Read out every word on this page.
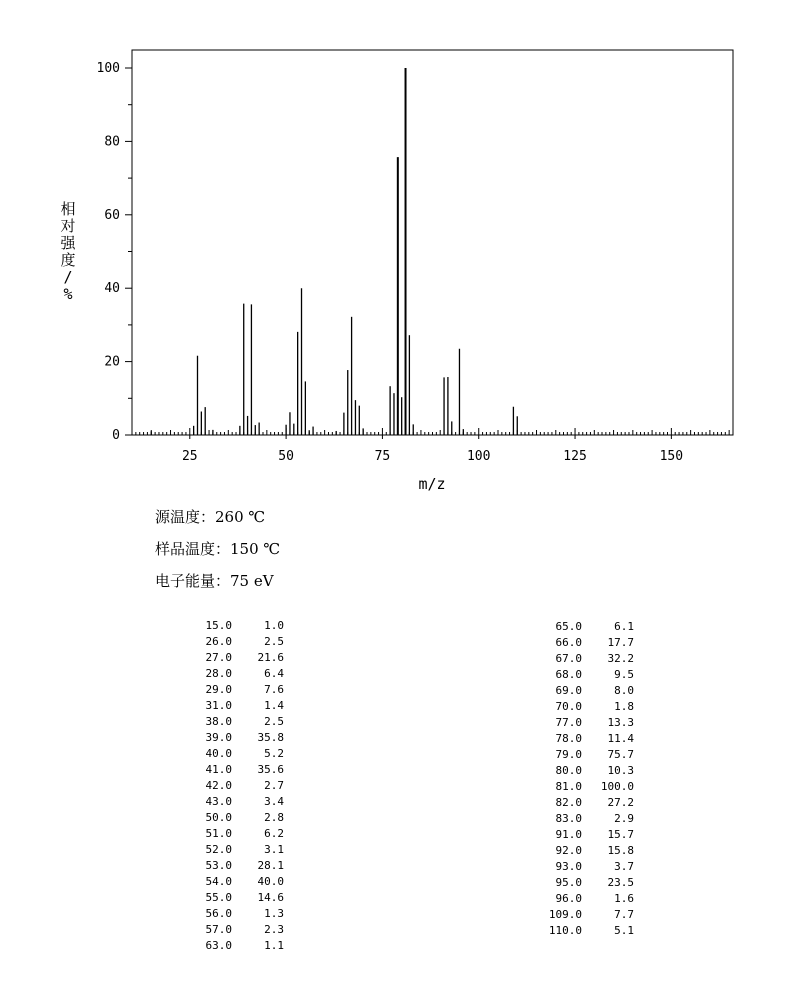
25	50	75	100	125	150
0
20
40
60
80
100
m/z
相对强度/ %
源温度：260 ℃
样品温度：150 ℃
电子能量：75 eV
15.0	1.0
26.0	2.5
27.0 21.6
28.0	6.4
29.0	7.6
31.0	1.4
38.0	2.5
39.0 35.8
40.0	5.2
41.0 35.6
42.0	2.7
43.0	3.4
50.0	2.8
51.0	6.2
52.0	3.1
53.0 28.1
54.0 40.0
55.0 14.6
56.0	1.3
57.0	2.3
63.0	1.1
65.0	6.1
66.0 17.7
67.0 32.2
68.0	9.5
69.0	8.0
70.0	1.8
77.0 13.3
78.0 11.4
79.0 75.7
80.0 10.3
81.0 100.0
82.0 27.2
83.0	2.9
91.0 15.7
92.0 15.8
93.0	3.7
95.0 23.5
96.0	1.6
109.0	7.7
110.0	5.1
